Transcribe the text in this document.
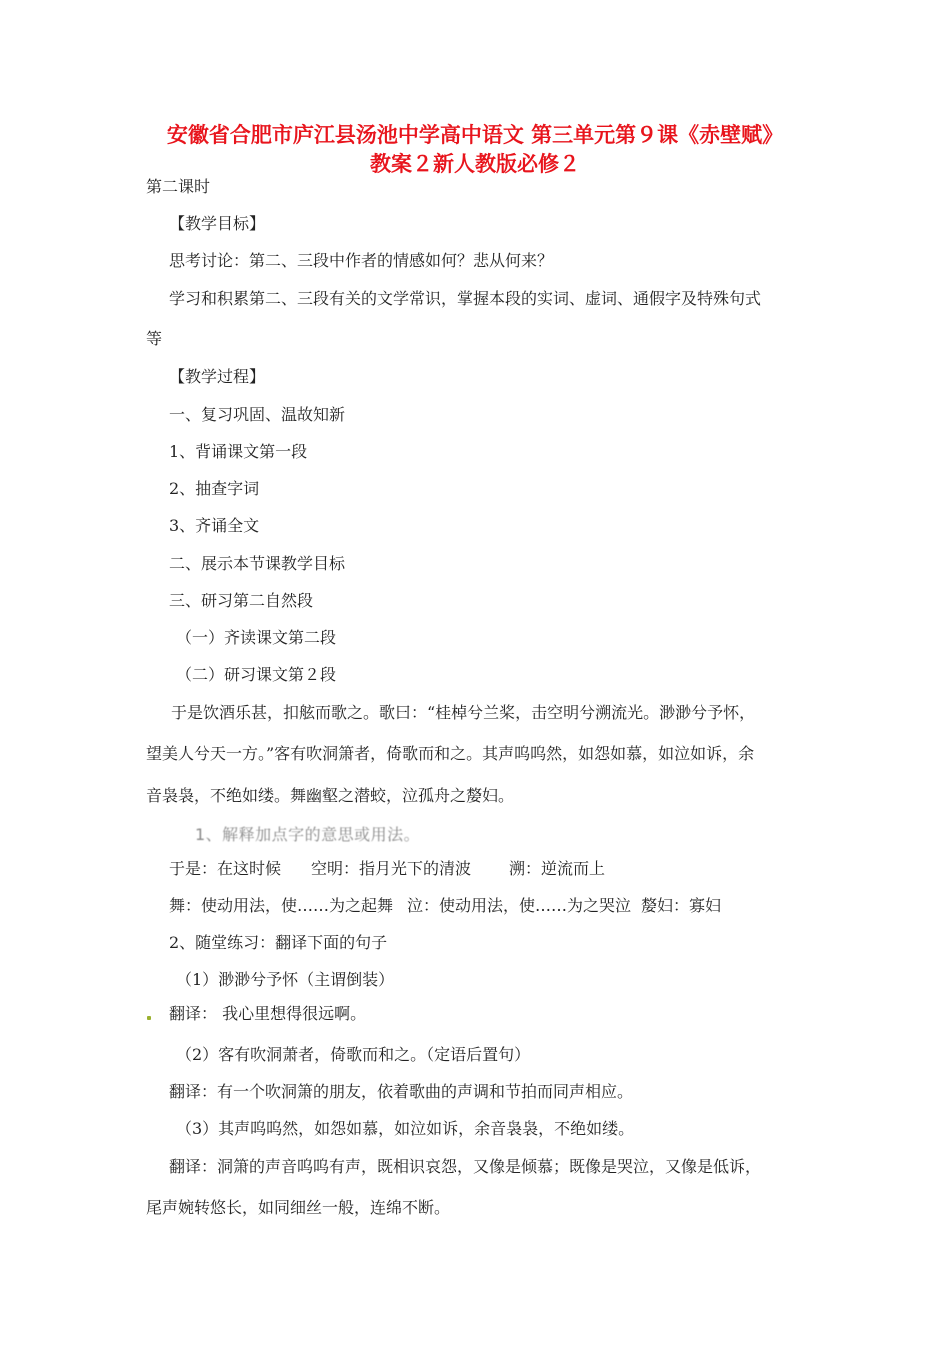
安徽省合肥市庐江县汤池中学高中语文 第三单元第９课《赤壁赋》
教案２新人教版必修２
第二课时
【教学目标】
思考讨论：第二、三段中作者的情感如何？悲从何来？
学习和积累第二、三段有关的文学常识，掌握本段的实词、虚词、通假字及特殊句式
等
【教学过程】
一、复习巩固、温故知新
1、背诵课文第一段
2、抽查字词
3、齐诵全文
二、展示本节课教学目标
三、研习第二自然段
（一）齐读课文第二段
（二）研习课文第２段
于是饮酒乐甚，扣舷而歌之。歌曰：“桂棹兮兰桨，击空明兮溯流光。渺渺兮予怀，
望美人兮天一方。”客有吹洞箫者，倚歌而和之。其声呜呜然，如怨如慕，如泣如诉，余
音袅袅，不绝如缕。舞幽壑之潜蛟，泣孤舟之嫠妇。
1、解释加点字的意思或用法。
于是：在这时候 空明：指月光下的清波 溯：逆流而上
舞：使动用法，使……为之起舞 泣：使动用法，使……为之哭泣 嫠妇：寡妇
2、随堂练习：翻译下面的句子
（1）渺渺兮予怀（主谓倒装）
翻译： 我心里想得很远啊。
（2）客有吹洞萧者，倚歌而和之。（定语后置句）
翻译：有一个吹洞箫的朋友，依着歌曲的声调和节拍而同声相应。
（3）其声呜呜然，如怨如慕，如泣如诉，余音袅袅，不绝如缕。
翻译：洞箫的声音呜呜有声，既相识哀怨，又像是倾慕；既像是哭泣，又像是低诉，
尾声婉转悠长，如同细丝一般，连绵不断。
